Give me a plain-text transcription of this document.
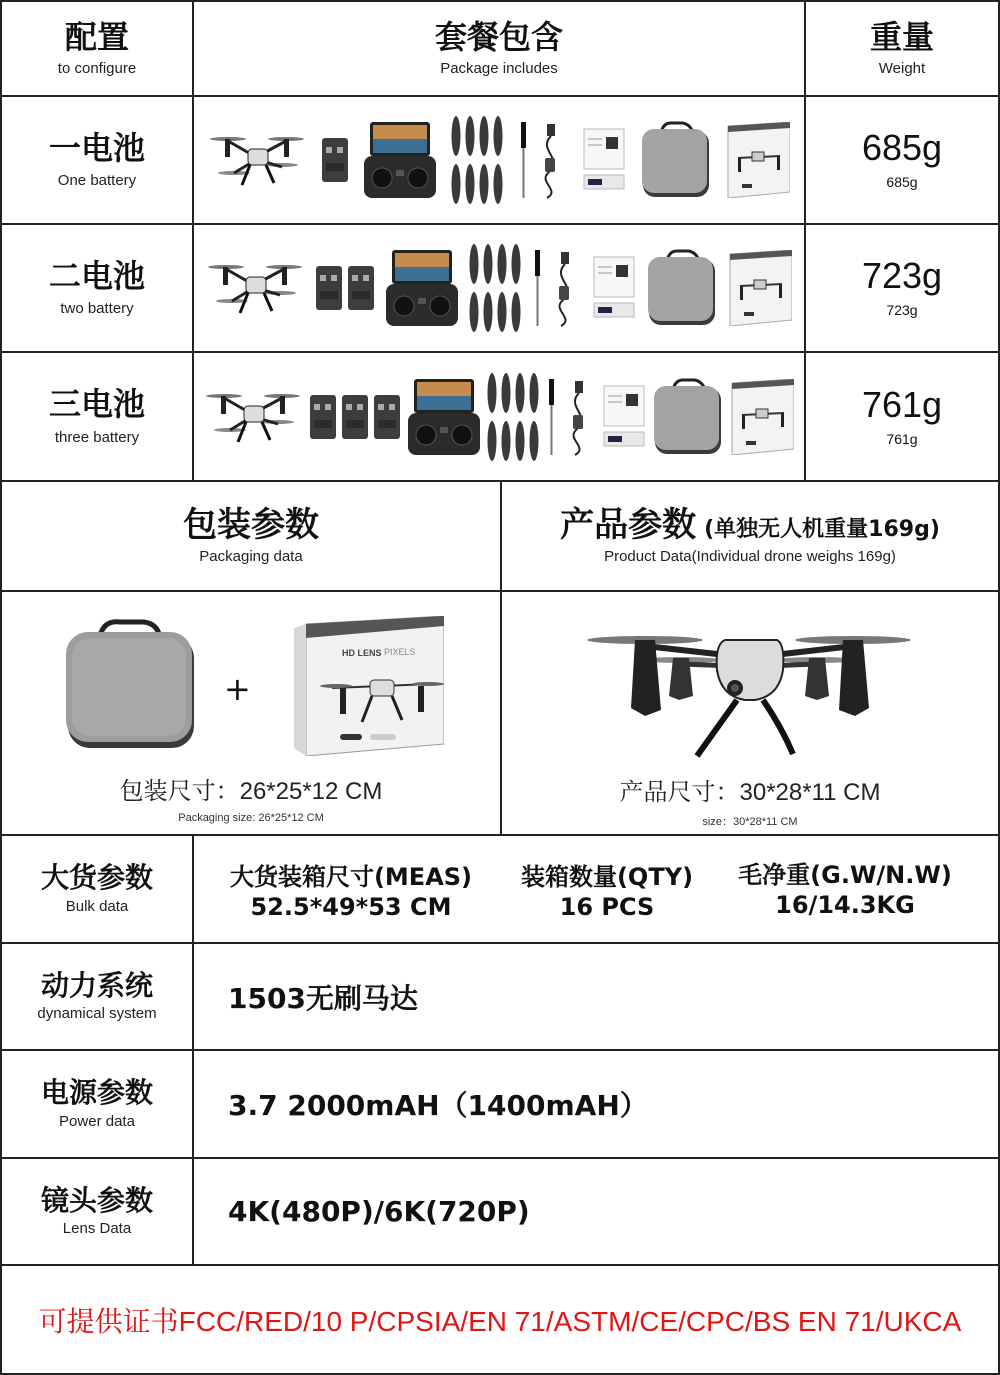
配置
to configure
套餐包含
Package includes
重量
Weight
一电池
One battery
685g
685g
二电池
two battery
723g
723g
三电池
three battery
761g
761g
包装参数
Packaging data
产品参数 (单独无人机重量169g)
Product Data(Individual drone weighs 169g)
+
HD LENS PIXELS
包装尺寸：26*25*12 CM
Packaging size: 26*25*12 CM
产品尺寸：30*28*11 CM
size：30*28*11 CM
大货参数
Bulk data
大货装箱尺寸(MEAS)
52.5*49*53 CM
装箱数量(QTY)
16 PCS
毛净重(G.W/N.W)
16/14.3KG
动力系统
dynamical system	1503无刷马达
电源参数
Power data	3.7 2000mAH（1400mAH）
镜头参数
Lens Data
4K(480P)/6K(720P)
可提供证书FCC/RED/10 P/CPSIA/EN 71/ASTM/CE/CPC/BS EN 71/UKCA
